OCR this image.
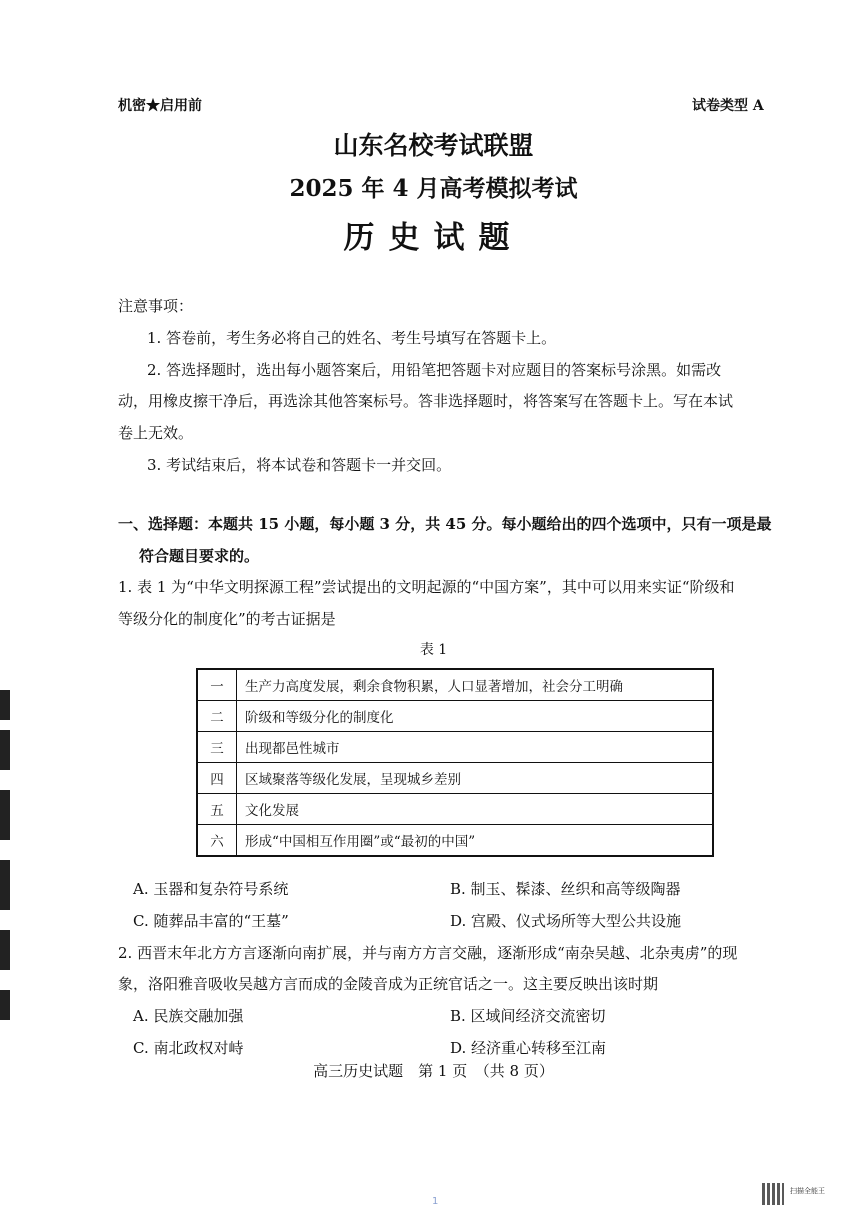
机密★启用前	试卷类型 A
山东名校考试联盟
2025 年 4 月高考模拟考试
历史试题
注意事项：
1. 答卷前，考生务必将自己的姓名、考生号填写在答题卡上。
2. 答选择题时，选出每小题答案后，用铅笔把答题卡对应题目的答案标号涂黑。如需改
动，用橡皮擦干净后，再选涂其他答案标号。答非选择题时，将答案写在答题卡上。写在本试
卷上无效。
3. 考试结束后，将本试卷和答题卡一并交回。
一、选择题：本题共 15 小题，每小题 3 分，共 45 分。每小题给出的四个选项中，只有一项是最
符合题目要求的。
1. 表 1 为“中华文明探源工程”尝试提出的文明起源的“中国方案”，其中可以用来实证“阶级和
等级分化的制度化”的考古证据是
表 1
一	生产力高度发展，剩余食物积累，人口显著增加，社会分工明确
二	阶级和等级分化的制度化
三	出现都邑性城市
四	区域聚落等级化发展，呈现城乡差别
五	文化发展
六	形成“中国相互作用圈”或“最初的中国”
A. 玉器和复杂符号系统	B. 制玉、髹漆、丝织和高等级陶器
C. 随葬品丰富的“王墓”	D. 宫殿、仪式场所等大型公共设施
2. 西晋末年北方方言逐渐向南扩展，并与南方方言交融，逐渐形成“南杂吴越、北杂夷虏”的现
象，洛阳雅音吸收吴越方言而成的金陵音成为正统官话之一。这主要反映出该时期
A. 民族交融加强	B. 区域间经济交流密切
C. 南北政权对峙	D. 经济重心转移至江南
高三历史试题　第 1 页　（共 8 页）
1
扫描全能王
